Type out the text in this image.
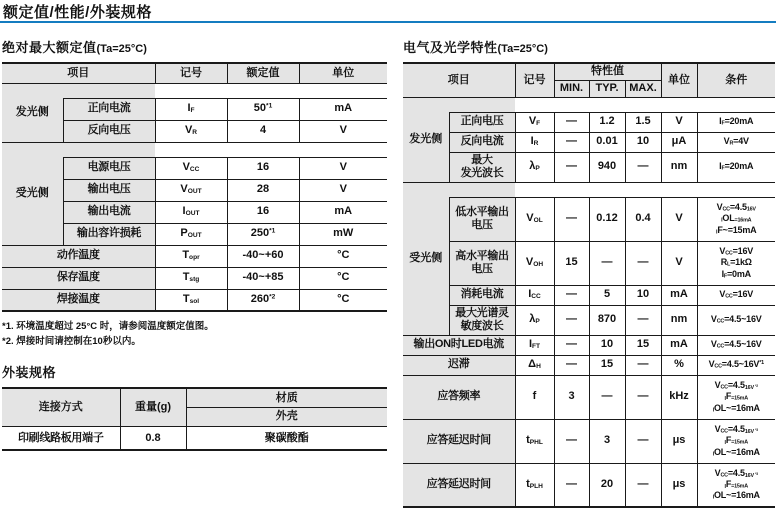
额定值/性能/外装规格
绝对最大额定值(Ta=25°C)
项目		记号	额定值	单位
发光侧				
	正向电流	$I_F$	50$^{*1}$	mA
	反向电压	$V_R$	4	V
受光侧				
	电源电压	$V_{CC}$	16	V
	输出电压	$V_{OUT}$	28	V
	输出电流	$I_{OUT}$	16	mA
	输出容许损耗	$P_{OUT}$	250$^{*1}$	mW
动作温度		$T_{opr}$	-40~+60	°C
保存温度		$T_{stg}$	-40~+85	°C
焊接温度		$T_{sol}$	260$^{*2}$	°C
*1. 环境温度超过 25°C 时，请参阅温度额定值图。
*2. 焊接时间请控制在10秒以内。
外装规格
连接方式	重量(g)	材质
		外壳
印刷线路板用端子	0.8	聚碳酸酯
电气及光学特性(Ta=25°C)
项目		记号	特性值			单位	条件
			MIN.	TYP.	MAX.		
发光侧							
	正向电压	$V_F$	—	1.2	1.5	V	$I_F=20mA$
	反向电流	$I_R$	—	0.01	10	μA	$V_R=4V$
	最大
发光波长	$\lambda_P$	—	940	—	nm	$I_F=20mA$
受光侧							
	低水平输出
电压	$V_{OL}$	—	0.12	0.4	V	$V_{CC}=4.5_{16V I}OL_{=16mA I}F\sim=15mA$
	高水平输出
电压	$V_{OH}$	15	—	—	V	$V_{CC}=16V$
$R_L=1k\Omega$
$I_F=0mA$
	消耗电流	$I_{CC}$	—	5	10	mA	$V_{CC}=16V$
	最大光谱灵
敏度波长	$\lambda_P$	—	870	—	nm	$V_{CC}=4.5\sim 16V$
输出ON时LED电流		$I_{FT}$	—	10	15	mA	$V_{CC}=4.5\sim 16V$
迟滞		$\Delta_H$	—	15	—	%	$V_{CC}=4.5\sim 16V^{*1}$
应答频率		f	3	—	—	kHz	$V_{CC}=4.5_{16V ^{*2} I}F_{=15mA I}OL\sim=16mA$
应答延迟时间		$t_{PHL}$	—	3	—	μs	$V_{CC}=4.5_{16V ^{*3} I}F_{=15mA I}OL\sim=16mA$
应答延迟时间		$t_{PLH}$	—	20	—	μs	$V_{CC}=4.5_{16V ^{*3} I}F_{=15mA I}OL\sim=16mA$
